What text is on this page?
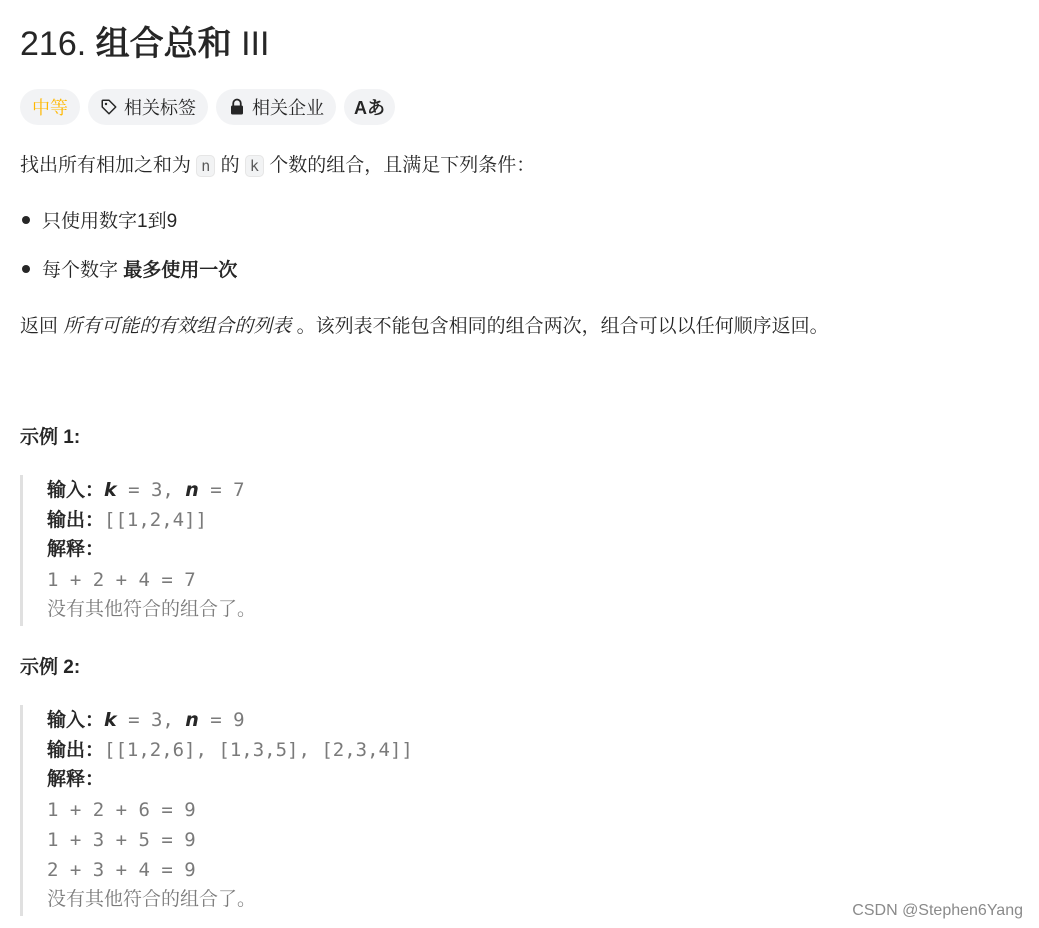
216. 组合总和 III
中等	相关标签	相关企业 Aあ

找出所有相加之和为 n 的 k 个数的组合，且满足下列条件：

只使用数字1到9
每个数字 最多使用一次

返回 所有可能的有效组合的列表 。该列表不能包含相同的组合两次，组合可以以任何顺序返回。

示例 1:

输入：k = 3, n = 7
输出：[[1,2,4]]
解释：
1 + 2 + 4 = 7
没有其他符合的组合了。

示例 2:

输入：k = 3, n = 9
输出：[[1,2,6], [1,3,5], [2,3,4]]
解释：
1 + 2 + 6 = 9
1 + 3 + 5 = 9
2 + 3 + 4 = 9
没有其他符合的组合了。
CSDN @Stephen6Yang
